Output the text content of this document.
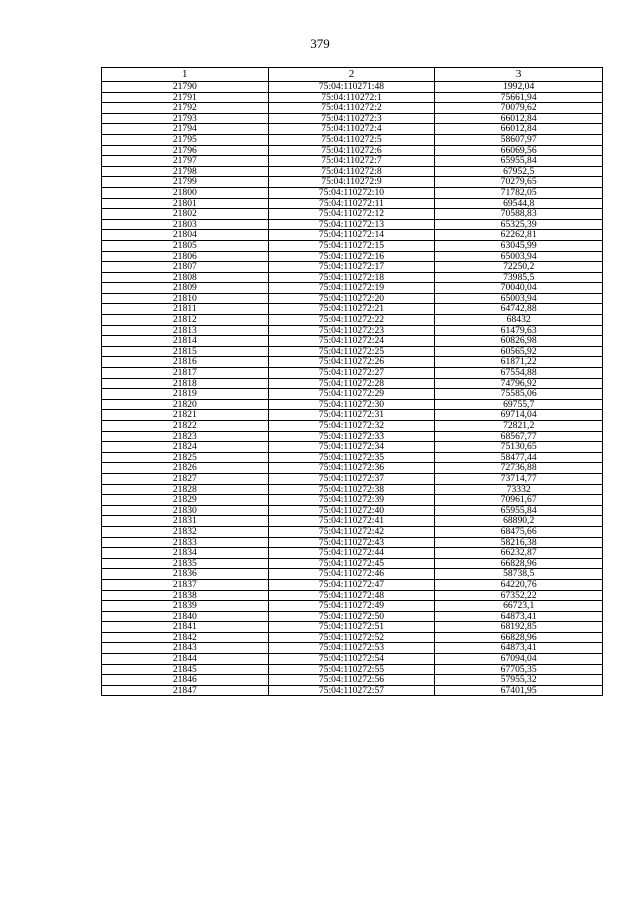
379
1	2	3
21790	75:04:110271:48	1992,04
21791	75:04:110272:1	75661,94
21792	75:04:110272:2	70079,62
21793	75:04:110272:3	66012,84
21794	75:04:110272:4	66012,84
21795	75:04:110272:5	58607,97
21796	75:04:110272:6	66069,56
21797	75:04:110272:7	65955,84
21798	75:04:110272:8	67952,5
21799	75:04:110272:9	70279,65
21800	75:04:110272:10	71782,05
21801	75:04:110272:11	69544,8
21802	75:04:110272:12	70588,83
21803	75:04:110272:13	65325,39
21804	75:04:110272:14	62262,81
21805	75:04:110272:15	63045,99
21806	75:04:110272:16	65003,94
21807	75:04:110272:17	72250,2
21808	75:04:110272:18	73985,5
21809	75:04:110272:19	70040,04
21810	75:04:110272:20	65003,94
21811	75:04:110272:21	64742,88
21812	75:04:110272:22	68432
21813	75:04:110272:23	61479,63
21814	75:04:110272:24	60826,98
21815	75:04:110272:25	60565,92
21816	75:04:110272:26	61871,22
21817	75:04:110272:27	67554,88
21818	75:04:110272:28	74796,92
21819	75:04:110272:29	75585,06
21820	75:04:110272:30	69755,7
21821	75:04:110272:31	69714,04
21822	75:04:110272:32	72821,2
21823	75:04:110272:33	68567,77
21824	75:04:110272:34	75130,65
21825	75:04:110272:35	58477,44
21826	75:04:110272:36	72736,88
21827	75:04:110272:37	73714,77
21828	75:04:110272:38	73332
21829	75:04:110272:39	70961,67
21830	75:04:110272:40	65955,84
21831	75:04:110272:41	68890,2
21832	75:04:110272:42	68475,66
21833	75:04:110272:43	58216,38
21834	75:04:110272:44	66232,87
21835	75:04:110272:45	66828,96
21836	75:04:110272:46	58738,5
21837	75:04:110272:47	64220,76
21838	75:04:110272:48	67352,22
21839	75:04:110272:49	66723,1
21840	75:04:110272:50	64873,41
21841	75:04:110272:51	68192,85
21842	75:04:110272:52	66828,96
21843	75:04:110272:53	64873,41
21844	75:04:110272:54	67094,04
21845	75:04:110272:55	67705,35
21846	75:04:110272:56	57955,32
21847	75:04:110272:57	67401,95
